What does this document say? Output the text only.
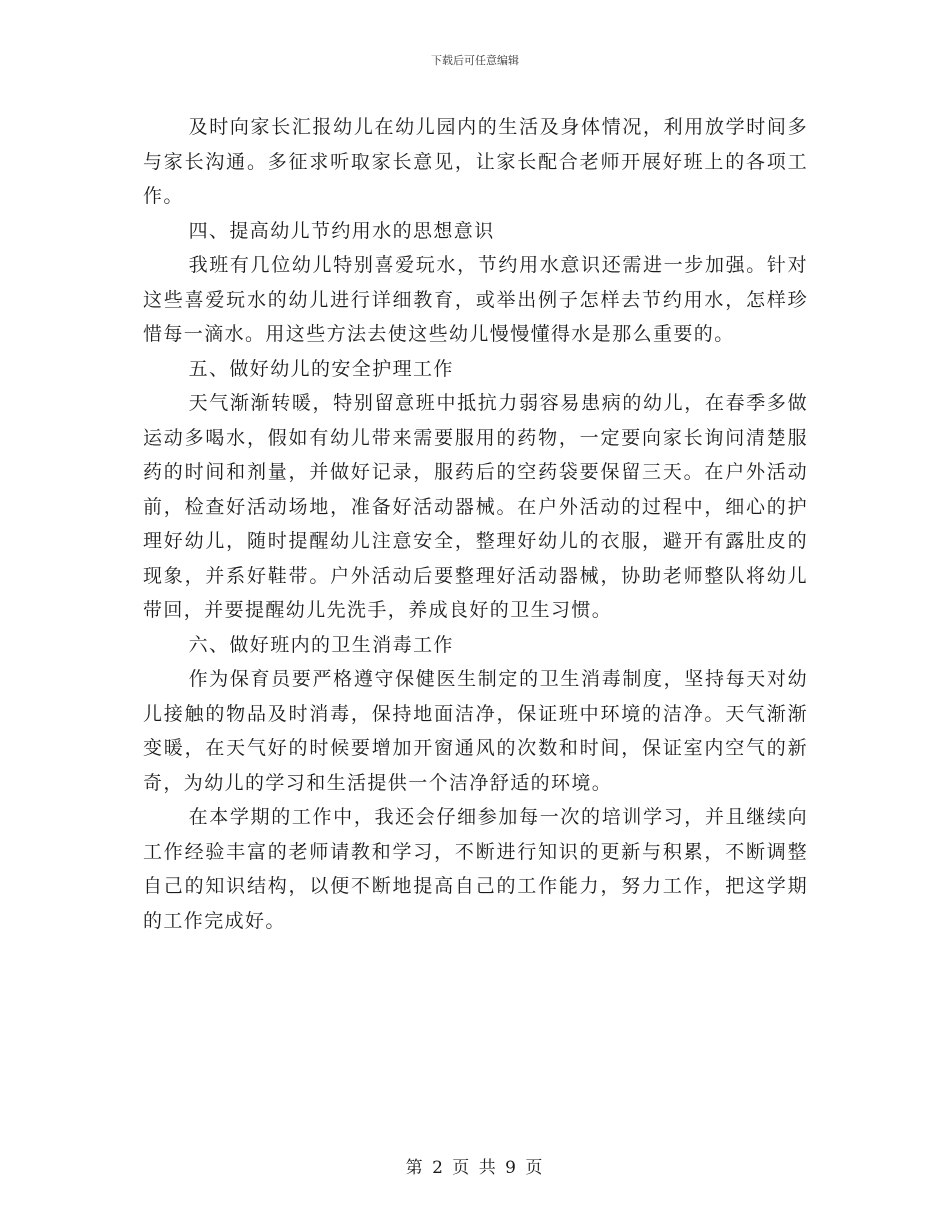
下载后可任意编辑

及时向家长汇报幼儿在幼儿园内的生活及身体情况，利用放学时间多与家长沟通。多征求听取家长意见，让家长配合老师开展好班上的各项工作。

四、提高幼儿节约用水的思想意识

我班有几位幼儿特别喜爱玩水，节约用水意识还需进一步加强。针对这些喜爱玩水的幼儿进行详细教育，或举出例子怎样去节约用水，怎样珍惜每一滴水。用这些方法去使这些幼儿慢慢懂得水是那么重要的。

五、做好幼儿的安全护理工作

天气渐渐转暖，特别留意班中抵抗力弱容易患病的幼儿，在春季多做运动多喝水，假如有幼儿带来需要服用的药物，一定要向家长询问清楚服药的时间和剂量，并做好记录，服药后的空药袋要保留三天。在户外活动前，检查好活动场地，准备好活动器械。在户外活动的过程中，细心的护理好幼儿，随时提醒幼儿注意安全，整理好幼儿的衣服，避开有露肚皮的现象，并系好鞋带。户外活动后要整理好活动器械，协助老师整队将幼儿带回，并要提醒幼儿先洗手，养成良好的卫生习惯。

六、做好班内的卫生消毒工作

作为保育员要严格遵守保健医生制定的卫生消毒制度，坚持每天对幼儿接触的物品及时消毒，保持地面洁净，保证班中环境的洁净。天气渐渐变暖，在天气好的时候要增加开窗通风的次数和时间，保证室内空气的新奇，为幼儿的学习和生活提供一个洁净舒适的环境。

在本学期的工作中，我还会仔细参加每一次的培训学习，并且继续向工作经验丰富的老师请教和学习，不断进行知识的更新与积累，不断调整自己的知识结构，以便不断地提高自己的工作能力，努力工作，把这学期的工作完成好。

第 2 页 共 9 页
